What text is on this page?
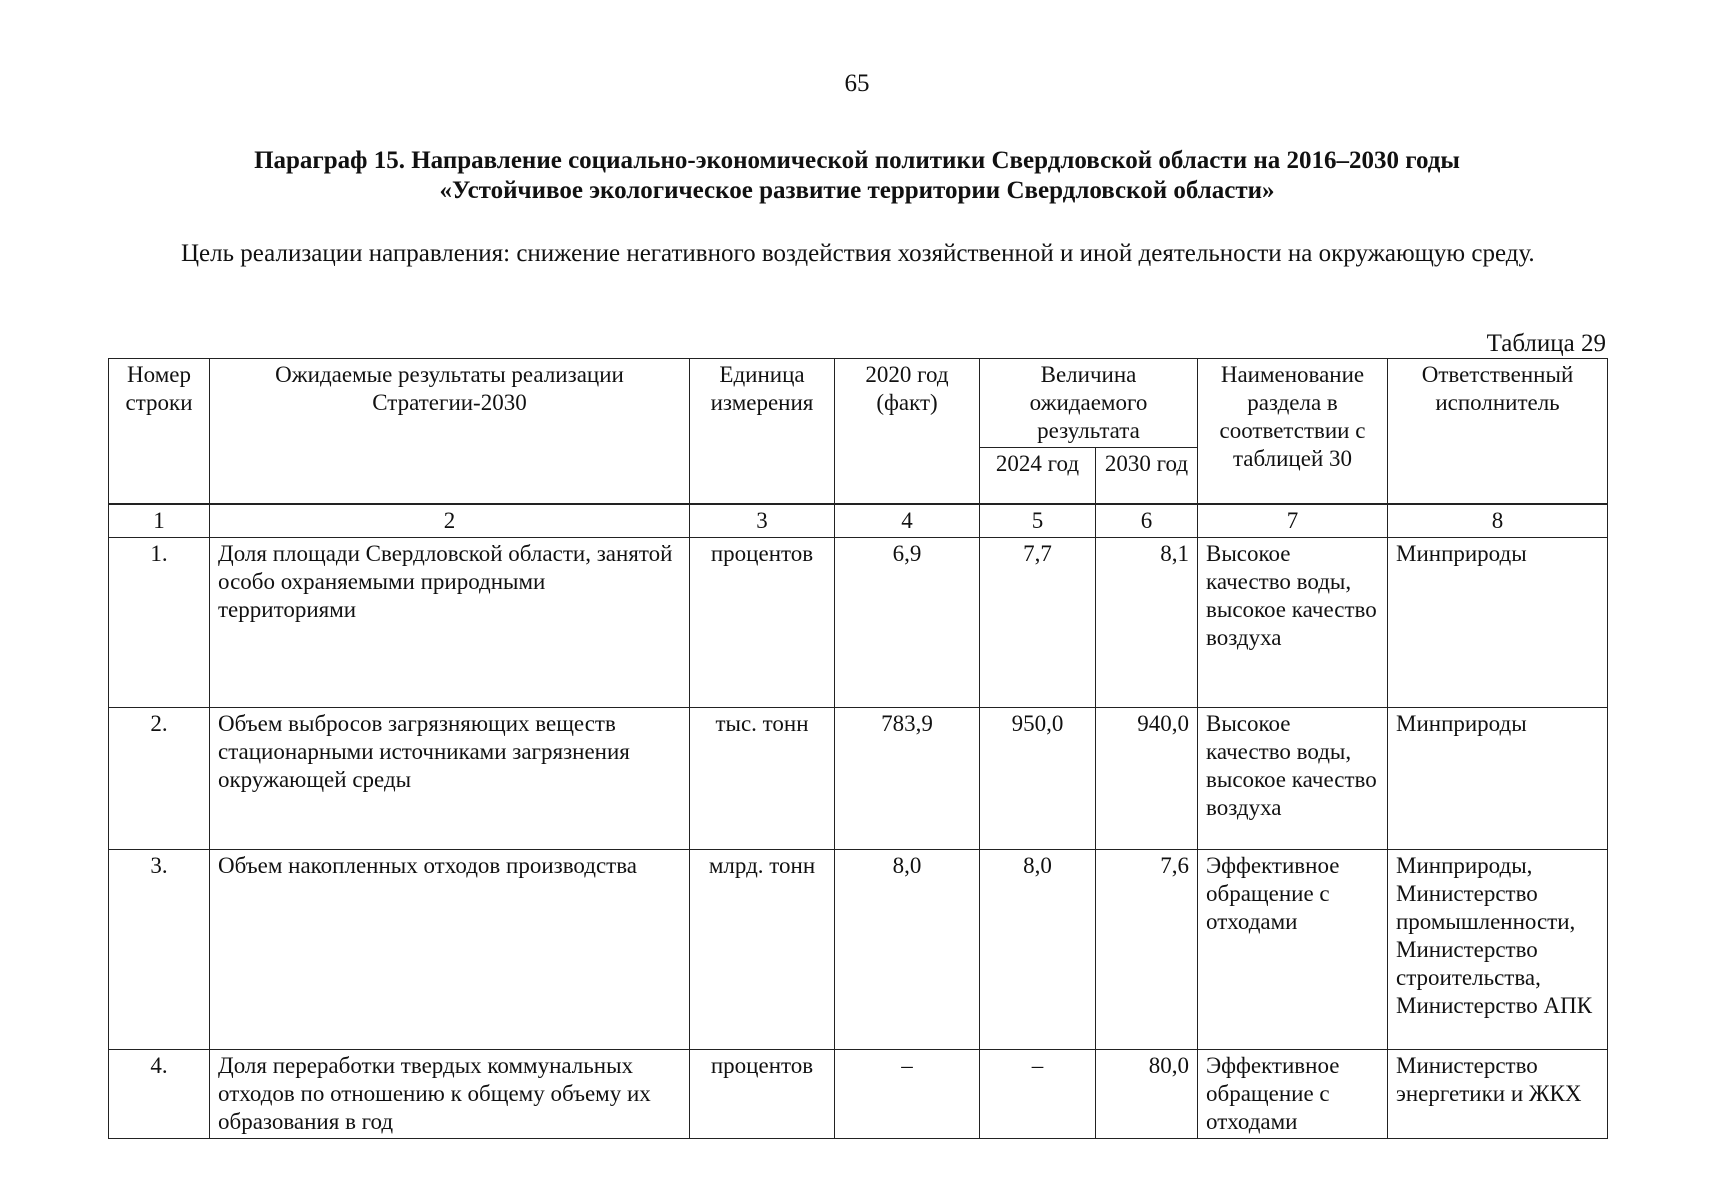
65
Параграф 15. Направление социально-экономической политики Свердловской области на 2016–2030 годы
«Устойчивое экологическое развитие территории Свердловской области»
Цель реализации направления: снижение негативного воздействия хозяйственной и иной деятельности на окружающую среду.
Таблица 29
Номер строки	Ожидаемые результаты реализации Стратегии-2030	Единица измерения	2020 год (факт)	Величина ожидаемого результата		Наименование раздела в соответствии с таблицей 30	Ответственный исполнитель
				2024 год	2030 год		
1	2	3	4	5	6	7	8
1.	Доля площади Свердловской области, занятой особо охраняемыми природными территориями	процентов	6,9	7,7	8,1	Высокое качество воды, высокое качество воздуха	Минприроды
2.	Объем выбросов загрязняющих веществ стационарными источниками загрязнения окружающей среды	тыс. тонн	783,9	950,0	940,0	Высокое качество воды, высокое качество воздуха	Минприроды
3.	Объем накопленных отходов производства	млрд. тонн	8,0	8,0	7,6	Эффективное обращение с отходами	Минприроды, Министерство промышленности, Министерство строительства, Министерство АПК
4.	Доля переработки твердых коммунальных отходов по отношению к общему объему их образования в год	процентов	–	–	80,0	Эффективное обращение с отходами	Министерство энергетики и ЖКХ
